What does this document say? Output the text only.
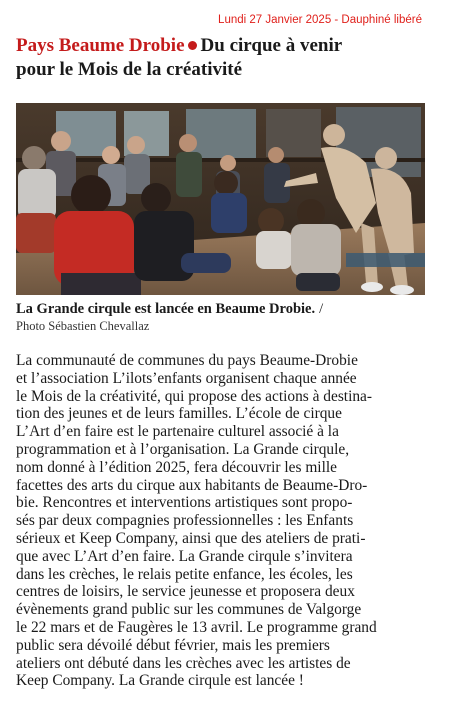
Lundi 27 Janvier 2025 - Dauphiné libéré
Pays Beaume Drobie Du cirque à venir
pour le Mois de la créativité
La Grande cirqule est lancée en Beaume Drobie. /
Photo Sébastien Chevallaz
La communauté de communes du pays Beaume-Drobie
et l’association L’ilots’enfants organisent chaque année
le Mois de la créativité, qui propose des actions à destina-
tion des jeunes et de leurs familles. L’école de cirque
L’Art d’en faire est le partenaire culturel associé à la
programmation et à l’organisation. La Grande cirqule,
nom donné à l’édition 2025, fera découvrir les mille
facettes des arts du cirque aux habitants de Beaume-Dro-
bie. Rencontres et interventions artistiques sont propo-
sés par deux compagnies professionnelles : les Enfants
sérieux et Keep Company, ainsi que des ateliers de prati-
que avec L’Art d’en faire. La Grande cirqule s’invitera
dans les crèches, le relais petite enfance, les écoles, les
centres de loisirs, le service jeunesse et proposera deux
évènements grand public sur les communes de Valgorge
le 22 mars et de Faugères le 13 avril. Le programme grand
public sera dévoilé début février, mais les premiers
ateliers ont débuté dans les crèches avec les artistes de
Keep Company. La Grande cirqule est lancée !
